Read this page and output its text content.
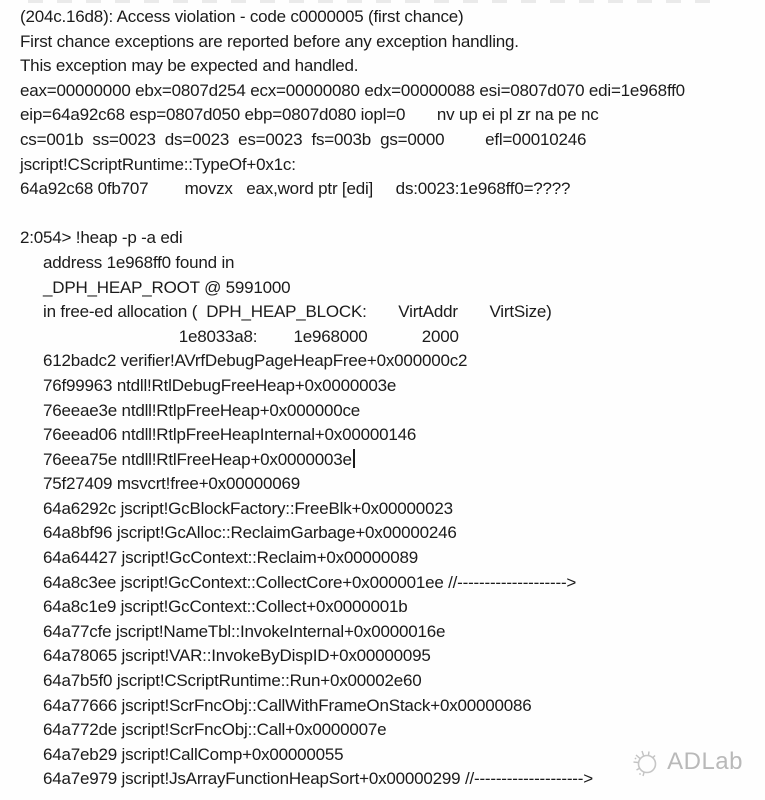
(204c.16d8): Access violation - code c0000005 (first chance)
First chance exceptions are reported before any exception handling.
This exception may be expected and handled.
eax=00000000 ebx=0807d254 ecx=00000080 edx=00000088 esi=0807d070 edi=1e968ff0
eip=64a92c68 esp=0807d050 ebp=0807d080 iopl=0       nv up ei pl zr na pe nc
cs=001b  ss=0023  ds=0023  es=0023  fs=003b  gs=0000         efl=00010246
jscript!CScriptRuntime::TypeOf+0x1c:
64a92c68 0fb707        movzx   eax,word ptr [edi]     ds:0023:1e968ff0=????

2:054> !heap -p -a edi
address 1e968ff0 found in
_DPH_HEAP_ROOT @ 5991000
in free-ed allocation (  DPH_HEAP_BLOCK:       VirtAddr       VirtSize)
1e8033a8:        1e968000            2000
612badc2 verifier!AVrfDebugPageHeapFree+0x000000c2
76f99963 ntdll!RtlDebugFreeHeap+0x0000003e
76eeae3e ntdll!RtlpFreeHeap+0x000000ce
76eead06 ntdll!RtlpFreeHeapInternal+0x00000146
76eea75e ntdll!RtlFreeHeap+0x0000003e
75f27409 msvcrt!free+0x00000069
64a6292c jscript!GcBlockFactory::FreeBlk+0x00000023
64a8bf96 jscript!GcAlloc::ReclaimGarbage+0x00000246
64a64427 jscript!GcContext::Reclaim+0x00000089
64a8c3ee jscript!GcContext::CollectCore+0x000001ee //-------------------->
64a8c1e9 jscript!GcContext::Collect+0x0000001b
64a77cfe jscript!NameTbl::InvokeInternal+0x0000016e
64a78065 jscript!VAR::InvokeByDispID+0x00000095
64a7b5f0 jscript!CScriptRuntime::Run+0x00002e60
64a77666 jscript!ScrFncObj::CallWithFrameOnStack+0x00000086
64a772de jscript!ScrFncObj::Call+0x0000007e
64a7eb29 jscript!CallComp+0x00000055
64a7e979 jscript!JsArrayFunctionHeapSort+0x00000299 //-------------------->
ADLab
